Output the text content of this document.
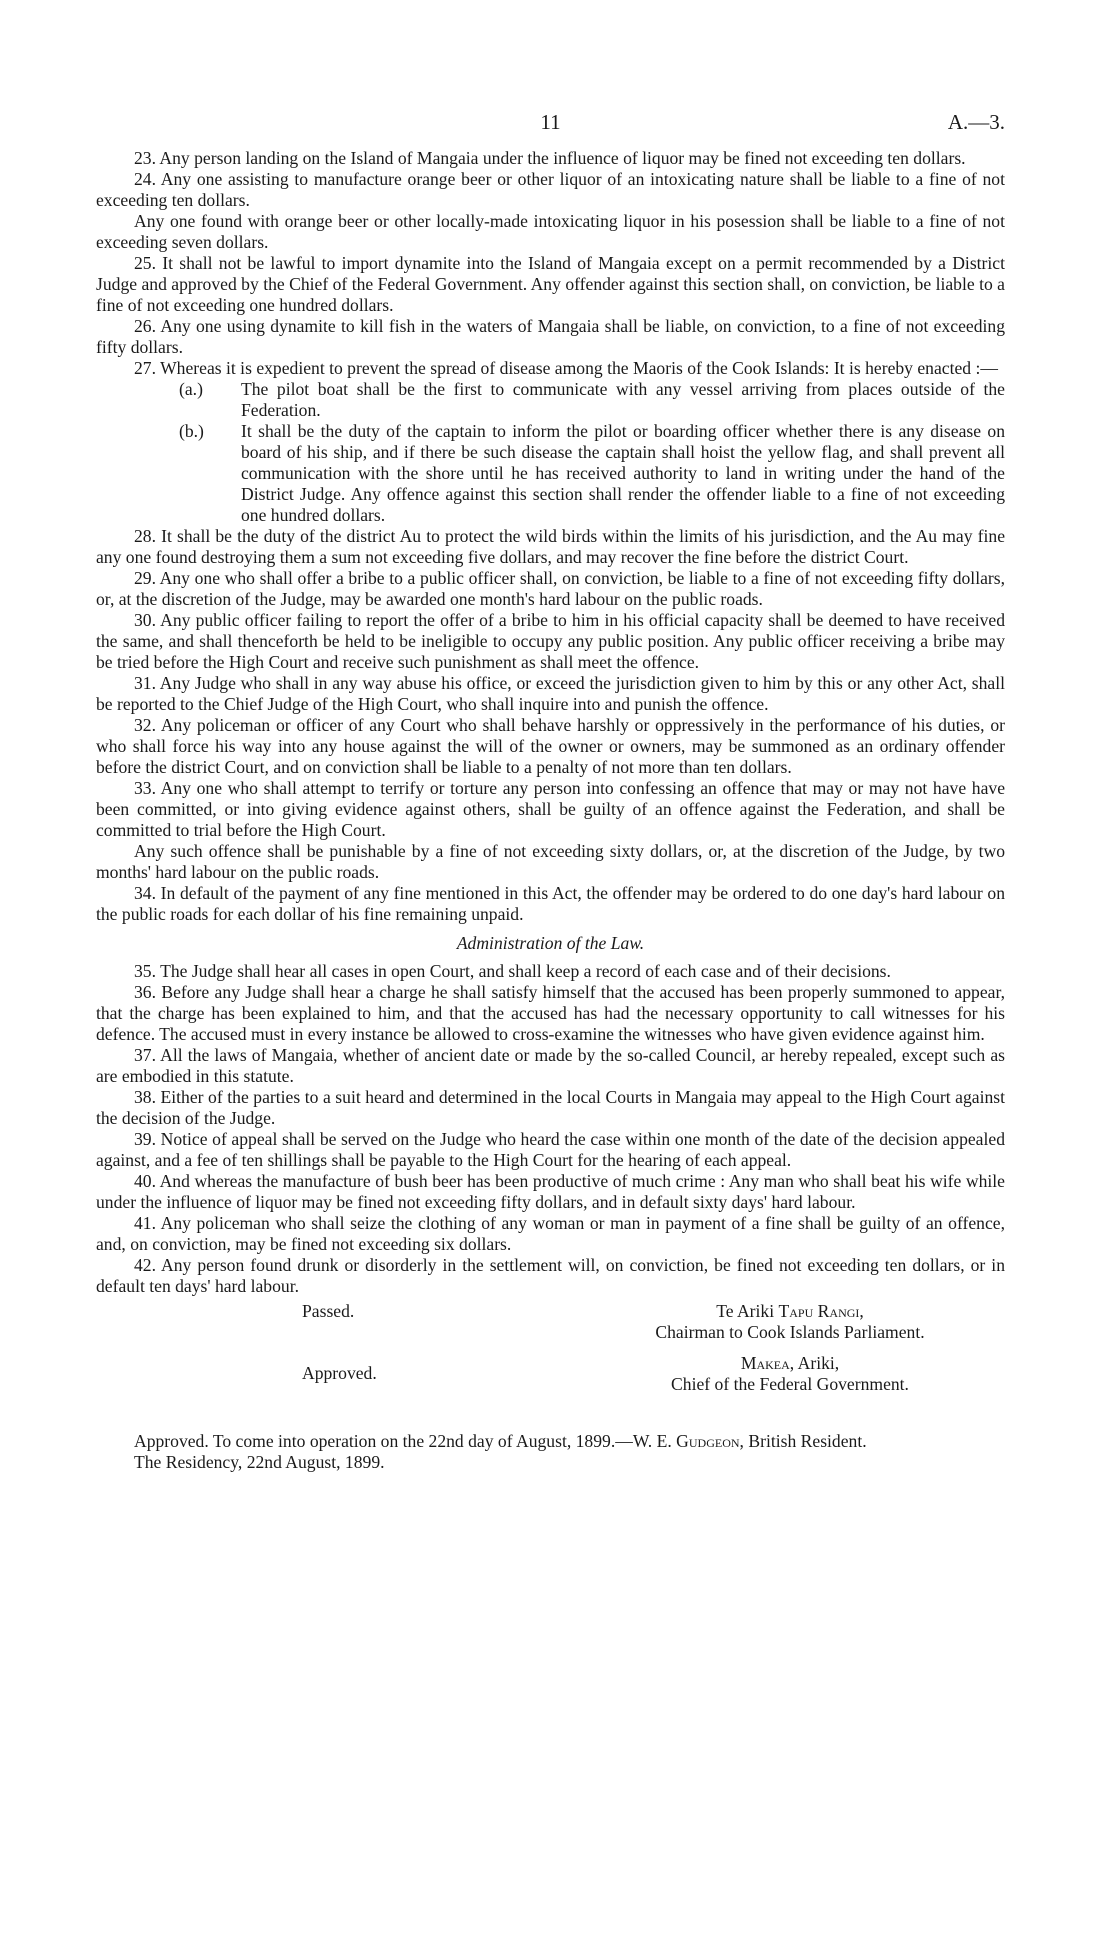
11	A.—3.

23. Any person landing on the Island of Mangaia under the influence of liquor may be fined not exceeding ten dollars.

24. Any one assisting to manufacture orange beer or other liquor of an intoxicating nature shall be liable to a fine of not exceeding ten dollars.

Any one found with orange beer or other locally-made intoxicating liquor in his posession shall be liable to a fine of not exceeding seven dollars.

25. It shall not be lawful to import dynamite into the Island of Mangaia except on a permit recommended by a District Judge and approved by the Chief of the Federal Government. Any offender against this section shall, on conviction, be liable to a fine of not exceeding one hundred dollars.

26. Any one using dynamite to kill fish in the waters of Mangaia shall be liable, on conviction, to a fine of not exceeding fifty dollars.

27. Whereas it is expedient to prevent the spread of disease among the Maoris of the Cook Islands: It is hereby enacted :—

(a.) The pilot boat shall be the first to communicate with any vessel arriving from places outside of the Federation.

(b.) It shall be the duty of the captain to inform the pilot or boarding officer whether there is any disease on board of his ship, and if there be such disease the captain shall hoist the yellow flag, and shall prevent all communication with the shore until he has received authority to land in writing under the hand of the District Judge. Any offence against this section shall render the offender liable to a fine of not exceeding one hundred dollars.

28. It shall be the duty of the district Au to protect the wild birds within the limits of his jurisdiction, and the Au may fine any one found destroying them a sum not exceeding five dollars, and may recover the fine before the district Court.

29. Any one who shall offer a bribe to a public officer shall, on conviction, be liable to a fine of not exceeding fifty dollars, or, at the discretion of the Judge, may be awarded one month's hard labour on the public roads.

30. Any public officer failing to report the offer of a bribe to him in his official capacity shall be deemed to have received the same, and shall thenceforth be held to be ineligible to occupy any public position. Any public officer receiving a bribe may be tried before the High Court and receive such punishment as shall meet the offence.

31. Any Judge who shall in any way abuse his office, or exceed the jurisdiction given to him by this or any other Act, shall be reported to the Chief Judge of the High Court, who shall inquire into and punish the offence.

32. Any policeman or officer of any Court who shall behave harshly or oppressively in the performance of his duties, or who shall force his way into any house against the will of the owner or owners, may be summoned as an ordinary offender before the district Court, and on conviction shall be liable to a penalty of not more than ten dollars.

33. Any one who shall attempt to terrify or torture any person into confessing an offence that may or may not have have been committed, or into giving evidence against others, shall be guilty of an offence against the Federation, and shall be committed to trial before the High Court.

Any such offence shall be punishable by a fine of not exceeding sixty dollars, or, at the discretion of the Judge, by two months' hard labour on the public roads.

34. In default of the payment of any fine mentioned in this Act, the offender may be ordered to do one day's hard labour on the public roads for each dollar of his fine remaining unpaid.

Administration of the Law.

35. The Judge shall hear all cases in open Court, and shall keep a record of each case and of their decisions.

36. Before any Judge shall hear a charge he shall satisfy himself that the accused has been properly summoned to appear, that the charge has been explained to him, and that the accused has had the necessary opportunity to call witnesses for his defence. The accused must in every instance be allowed to cross-examine the witnesses who have given evidence against him.

37. All the laws of Mangaia, whether of ancient date or made by the so-called Council, ar hereby repealed, except such as are embodied in this statute.

38. Either of the parties to a suit heard and determined in the local Courts in Mangaia may appeal to the High Court against the decision of the Judge.

39. Notice of appeal shall be served on the Judge who heard the case within one month of the date of the decision appealed against, and a fee of ten shillings shall be payable to the High Court for the hearing of each appeal.

40. And whereas the manufacture of bush beer has been productive of much crime : Any man who shall beat his wife while under the influence of liquor may be fined not exceeding fifty dollars, and in default sixty days' hard labour.

41. Any policeman who shall seize the clothing of any woman or man in payment of a fine shall be guilty of an offence, and, on conviction, may be fined not exceeding six dollars.

42. Any person found drunk or disorderly in the settlement will, on conviction, be fined not exceeding ten dollars, or in default ten days' hard labour.

Passed.	Te Ariki Tapu Rangi,
Chairman to Cook Islands Parliament.
Approved.	Makea, Ariki,
Chief of the Federal Government.

Approved. To come into operation on the 22nd day of August, 1899.—W. E. Gudgeon, British Resident.

The Residency, 22nd August, 1899.
